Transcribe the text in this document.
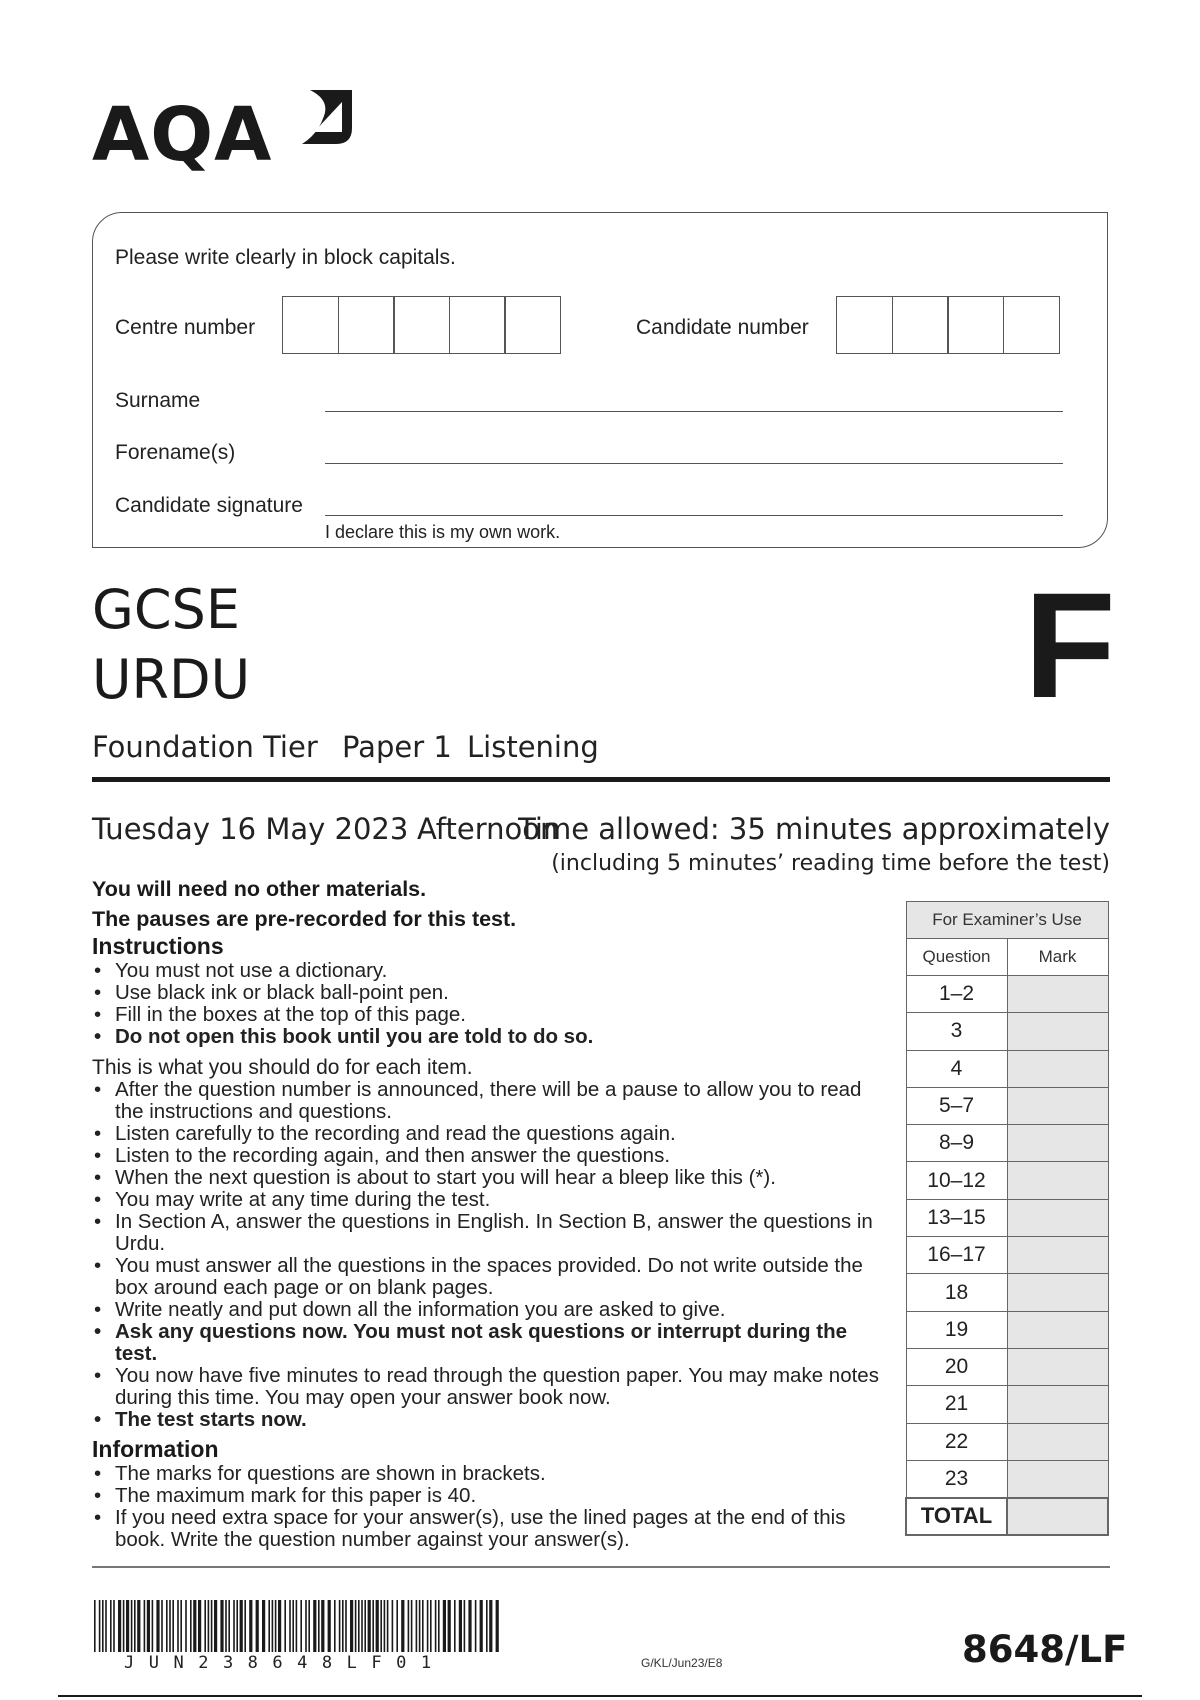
AQA
Please write clearly in block capitals.
Centre number	Candidate number
Surname
Forename(s)
Candidate signature
I declare this is my own work.
GCSE
URDU	F
Foundation Tier Paper 1 Listening
Tuesday 16 May 2023 Afternoon
Time allowed: 35 minutes approximately
(including 5 minutes’ reading time before the test)
You will need no other materials.
The pauses are pre-recorded for this test.
Instructions
• You must not use a dictionary.
• Use black ink or black ball-point pen.
• Fill in the boxes at the top of this page.
• Do not open this book until you are told to do so.
This is what you should do for each item.
• After the question number is announced, there will be a pause to allow you to read the instructions and questions.
• Listen carefully to the recording and read the questions again.
• Listen to the recording again, and then answer the questions.
• When the next question is about to start you will hear a bleep like this (*).
• You may write at any time during the test.
• In Section A, answer the questions in English. In Section B, answer the questions in Urdu.
• You must answer all the questions in the spaces provided. Do not write outside the box around each page or on blank pages.
• Write neatly and put down all the information you are asked to give.
• Ask any questions now. You must not ask questions or interrupt during the test.
• You now have five minutes to read through the question paper. You may make notes during this time. You may open your answer book now.
• The test starts now.
Information
• The marks for questions are shown in brackets.
• The maximum mark for this paper is 40.
• If you need extra space for your answer(s), use the lined pages at the end of this book. Write the question number against your answer(s).
For Examiner’s Use	
Question	Mark
1–2	
3	
4	
5–7	
8–9	
10–12	
13–15	
16–17	
18	
19	
20	
21	
22	
23	
TOTAL	
JUN238648LF01	G/KL/Jun23/E8	8648/LF
